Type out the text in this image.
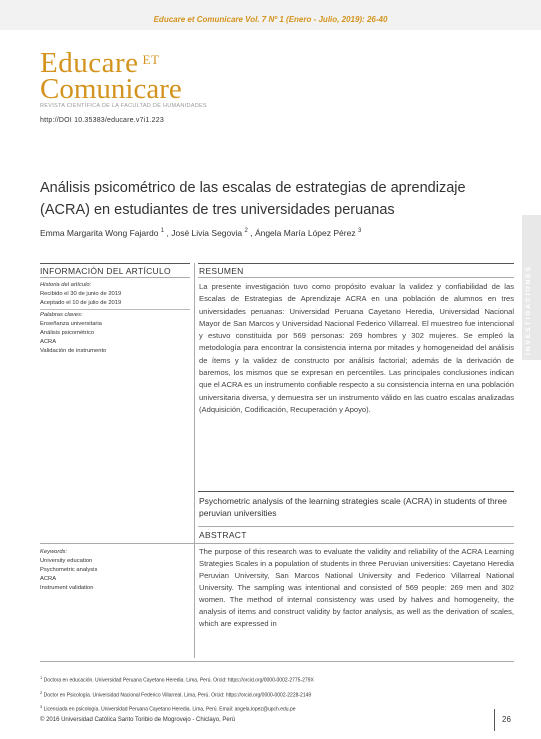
Educare et Comunicare Vol. 7 Nº 1 (Enero - Julio, 2019): 26-40
Educare $^{ET}$
Comunicare
REVISTA CIENTÍFICA DE LA FACULTAD DE HUMANIDADES
http://DOI 10.35383/educare.v7i1.223
Análisis psicométrico de las escalas de estrategias de aprendizaje (ACRA) en estudiantes de tres universidades peruanas
Emma Margarita Wong Fajardo $^1$ , José Livia Segovia $^2$ , Ángela María López Pérez $^3$
INVESTIGACIONES
INFORMACIÓN DEL ARTÍCULO	RESUMEN
Historia del artículo:
Recibido el 30 de junio de 2019
Aceptado el 10 de julio de 2019
Palabras claves:
Enseñanza universitaria
Análisis psicométrico
ACRA
Validación de instrumento
La presente investigación tuvo como propósito evaluar la validez y confiabilidad de las Escalas de Estrategias de Aprendizaje ACRA en una población de alumnos en tres universidades peruanas: Universidad Peruana Cayetano Heredia, Universidad Nacional Mayor de San Marcos y Universidad Nacional Federico Villarreal. El muestreo fue intencional y estuvo constituida por 569 personas: 269 hombres y 302 mujeres. Se empleó la metodología para encontrar la consistencia interna por mitades y homogeneidad del análisis de ítems y la validez de constructo por análisis factorial; además de la derivación de baremos, los mismos que se expresan en percentiles. Las principales conclusiones indican que el ACRA es un instrumento confiable respecto a su consistencia interna en una población universitaria diversa, y demuestra ser un instrumento válido en las cuatro escalas analizadas (Adquisición, Codificación, Recuperación y Apoyo).
Psychometric analysis of the learning strategies scale (ACRA) in students of three peruvian universities
ABSTRACT
Keywords:
University education
Psychometric analysis
ACRA
Instrument validation
The purpose of this research was to evaluate the validity and reliability of the ACRA Learning Strategies Scales in a population of students in three Peruvian universities: Cayetano Heredia Peruvian University, San Marcos National University and Federico Villarreal National University. The sampling was intentional and consisted of 569 people: 269 men and 302 women. The method of internal consistency was used by halves and homogeneity, the analysis of items and construct validity by factor analysis, as well as the derivation of scales, which are expressed in
$^1$ Doctora en educación. Universidad Peruana Cayetano Heredia. Lima, Perú. Orcid: https://orcid.org/0000-0002-2775-279X
$^2$ Doctor en Psicología. Universidad Nacional Federico Villarreal. Lima, Perú. Orcid: https://orcid.org/0000-0002-2228-2149
$^3$ Licenciada en psicología. Universidad Peruana Cayetano Heredia. Lima, Perú. Email: angela.lopez@upch.edu.pe
© 2016 Universidad Católica Santo Toribio de Mogrovejo - Chiclayo, Perú	26
